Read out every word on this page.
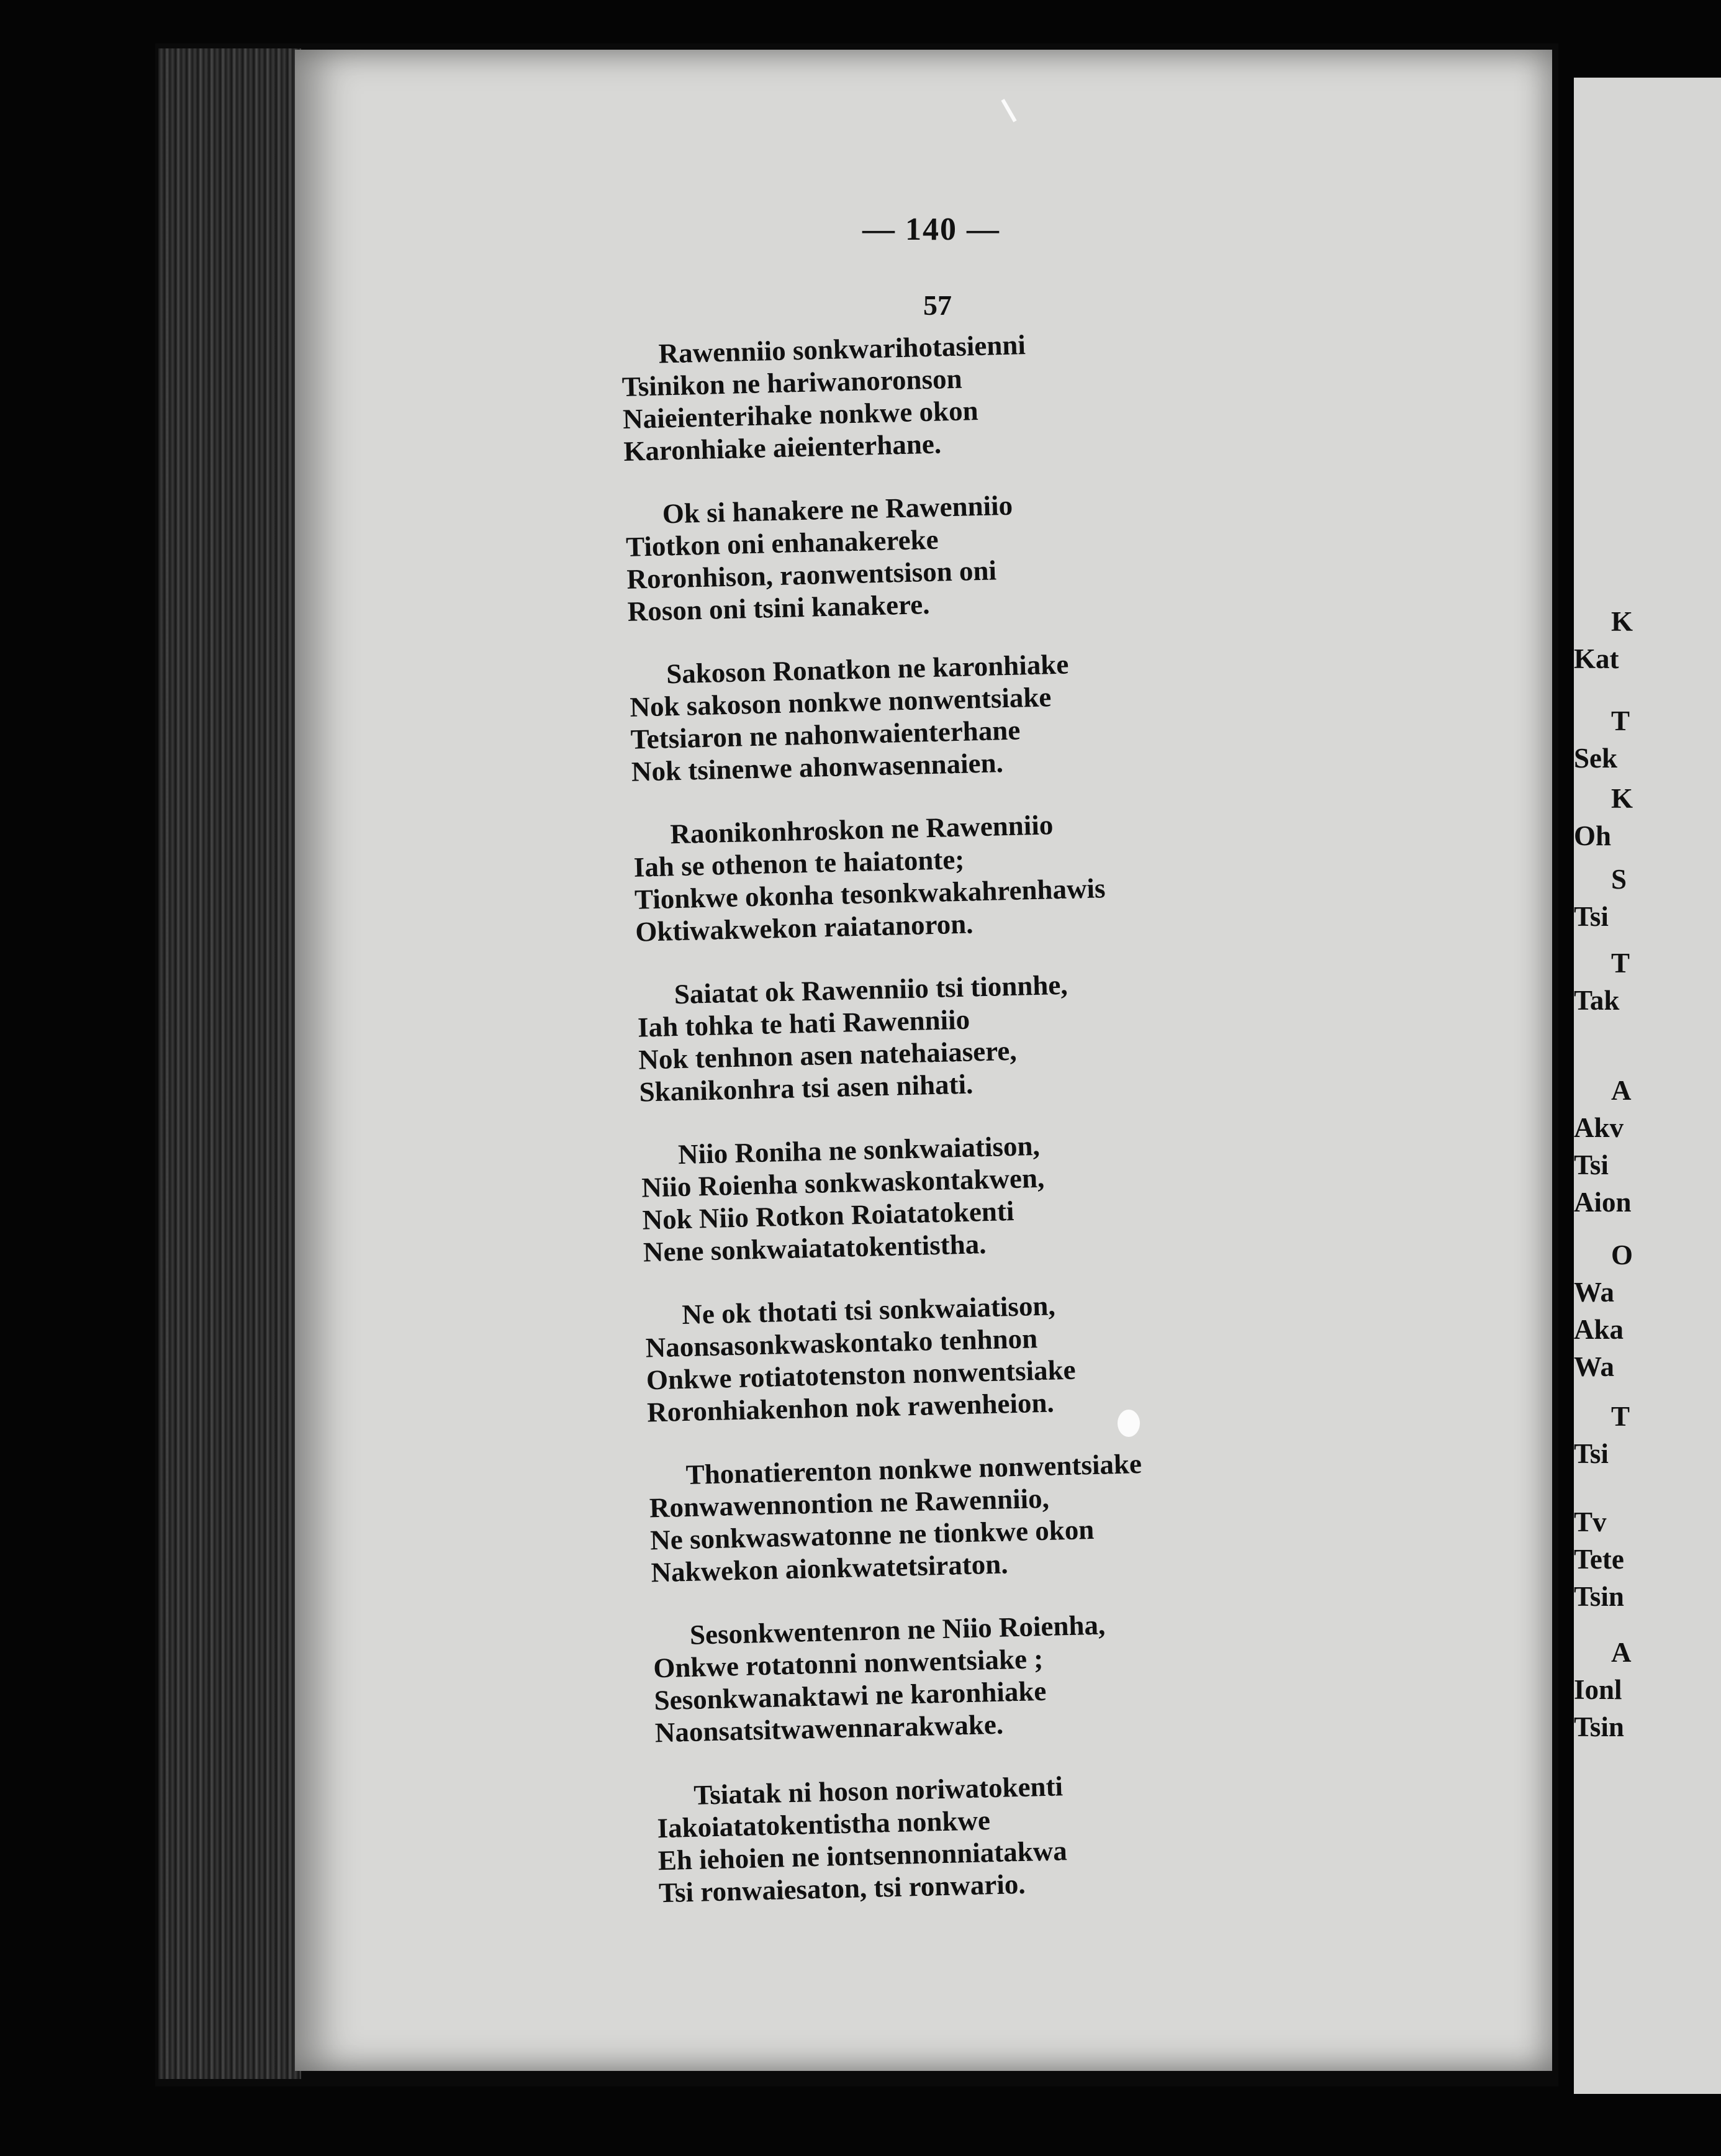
— 140 —
57
Rawenniio sonkwarihotasienni
Tsinikon ne hariwanoronson
Naieienterihake nonkwe okon
Karonhiake aieienterhane.
Ok si hanakere ne Rawenniio
Tiotkon oni enhanakereke
Roronhison, raonwentsison oni
Roson oni tsini kanakere.
Sakoson Ronatkon ne karonhiake
Nok sakoson nonkwe nonwentsiake
Tetsiaron ne nahonwaienterhane
Nok tsinenwe ahonwasennaien.
Raonikonhroskon ne Rawenniio
Iah se othenon te haiatonte;
Tionkwe okonha tesonkwakahrenhawis
Oktiwakwekon raiatanoron.
Saiatat ok Rawenniio tsi tionnhe,
Iah tohka te hati Rawenniio
Nok tenhnon asen natehaiasere,
Skanikonhra tsi asen nihati.
Niio Roniha ne sonkwaiatison,
Niio Roienha sonkwaskontakwen,
Nok Niio Rotkon Roiatatokenti
Nene sonkwaiatatokentistha.
Ne ok thotati tsi sonkwaiatison,
Naonsasonkwaskontako tenhnon
Onkwe rotiatotenston nonwentsiake
Roronhiakenhon nok rawenheion.
Thonatierenton nonkwe nonwentsiake
Ronwawennontion ne Rawenniio,
Ne sonkwaswatonne ne tionkwe okon
Nakwekon aionkwatetsiraton.
Sesonkwentenron ne Niio Roienha,
Onkwe rotatonni nonwentsiake ;
Sesonkwanaktawi ne karonhiake
Naonsatsitwawennarakwake.
Tsiatak ni hoson noriwatokenti
Iakoiatatokentistha nonkwe
Eh iehoien ne iontsennonniatakwa
Tsi ronwaiesaton, tsi ronwario.
K
Kat
T
Sek
K
Oh
S
Tsi
T
Tak
A
Akv
Tsi
Aion
O
Wa
Aka
Wa
T
Tsi
Tv
Tete
Tsin
A
Ionl
Tsin
